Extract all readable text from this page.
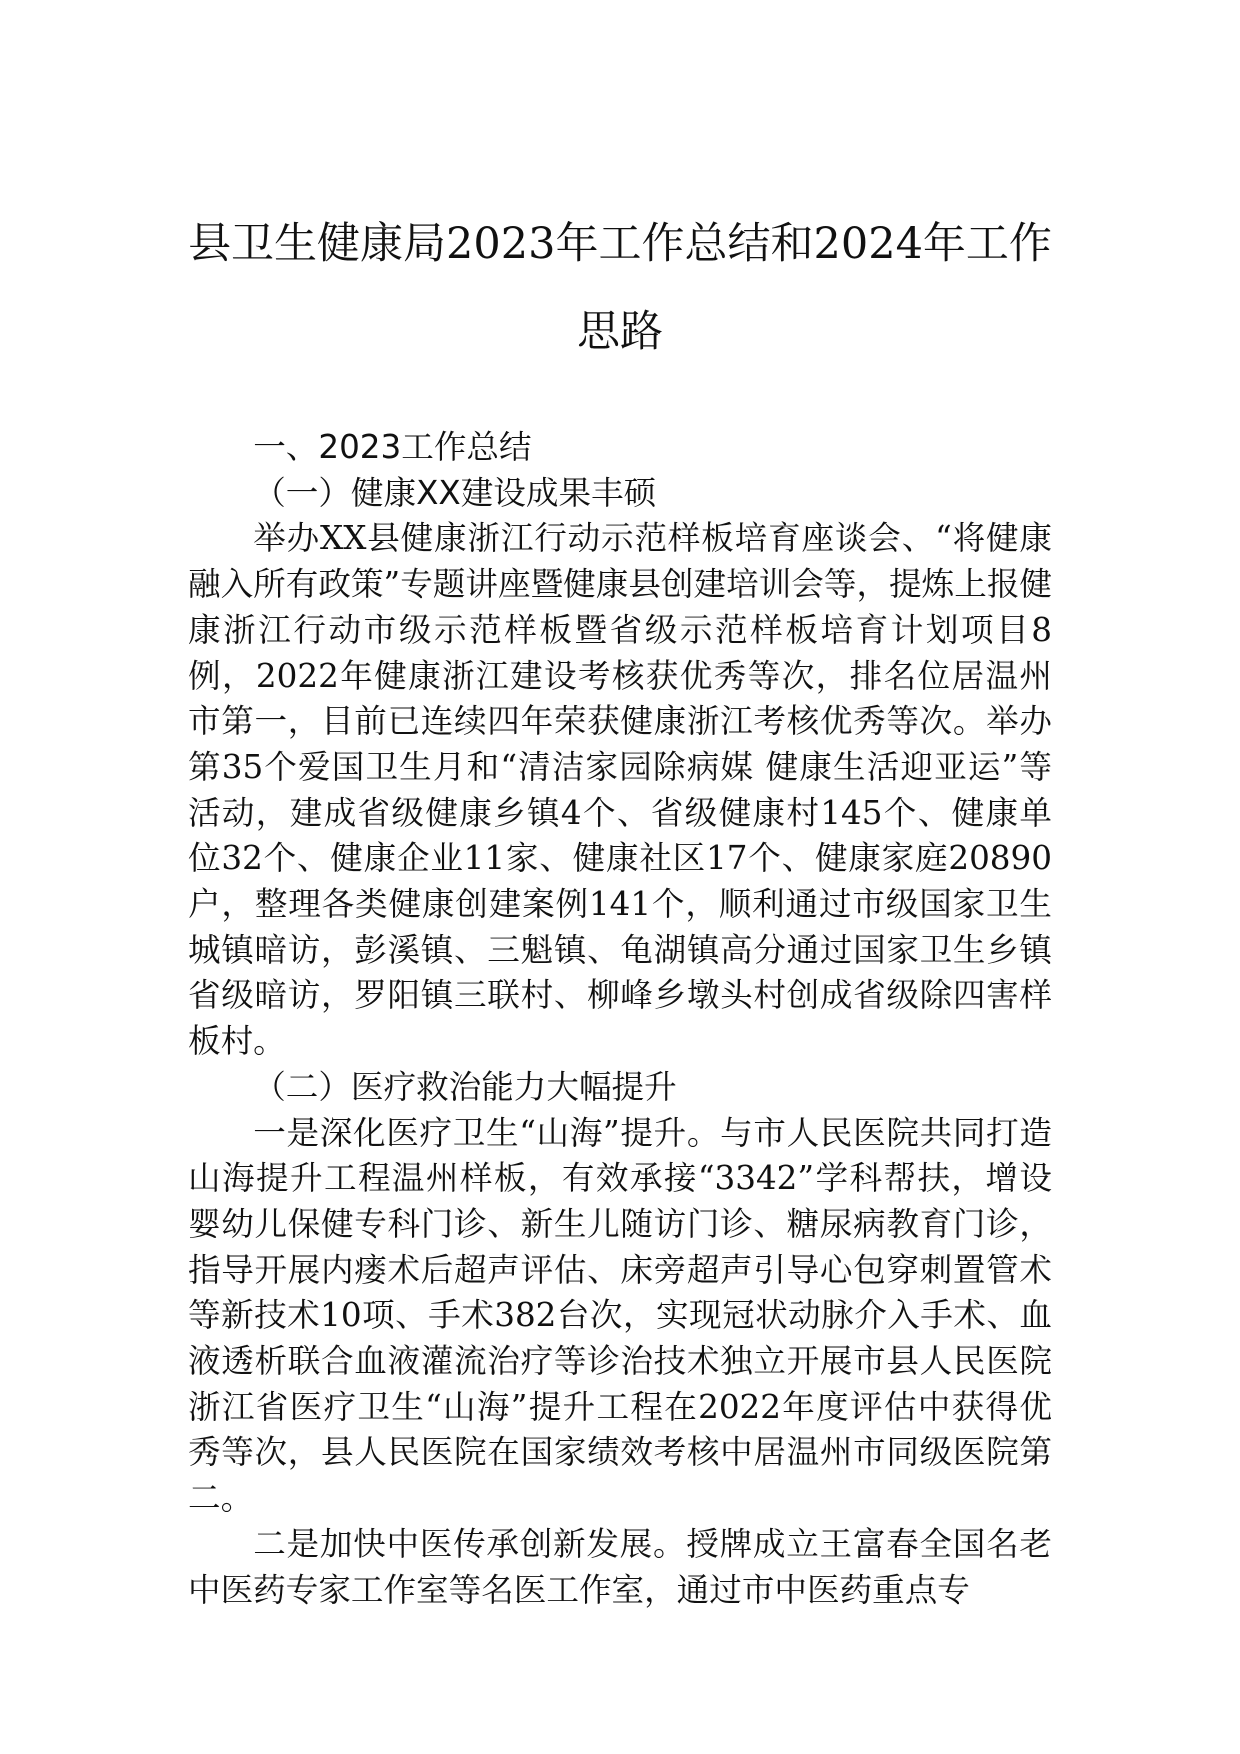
县卫生健康局2023年工作总结和2024年工作思路

一、2023工作总结

（一）健康XX建设成果丰硕

举办XX县健康浙江行动示范样板培育座谈会、“将健康融入所有政策”专题讲座暨健康县创建培训会等，提炼上报健康浙江行动市级示范样板暨省级示范样板培育计划项目8例，2022年健康浙江建设考核获优秀等次，排名位居温州市第一，目前已连续四年荣获健康浙江考核优秀等次。举办第35个爱国卫生月和“清洁家园除病媒 健康生活迎亚运”等活动，建成省级健康乡镇4个、省级健康村145个、健康单位32个、健康企业11家、健康社区17个、健康家庭20890户，整理各类健康创建案例141个，顺利通过市级国家卫生城镇暗访，彭溪镇、三魁镇、龟湖镇高分通过国家卫生乡镇省级暗访，罗阳镇三联村、柳峰乡墩头村创成省级除四害样板村。

（二）医疗救治能力大幅提升

一是深化医疗卫生“山海”提升。与市人民医院共同打造山海提升工程温州样板，有效承接“3342”学科帮扶，增设婴幼儿保健专科门诊、新生儿随访门诊、糖尿病教育门诊，指导开展内瘘术后超声评估、床旁超声引导心包穿刺置管术等新技术10项、手术382台次，实现冠状动脉介入手术、血液透析联合血液灌流治疗等诊治技术独立开展市县人民医院浙江省医疗卫生“山海”提升工程在2022年度评估中获得优秀等次，县人民医院在国家绩效考核中居温州市同级医院第二。

二是加快中医传承创新发展。授牌成立王富春全国名老中医药专家工作室等名医工作室，通过市中医药重点专
